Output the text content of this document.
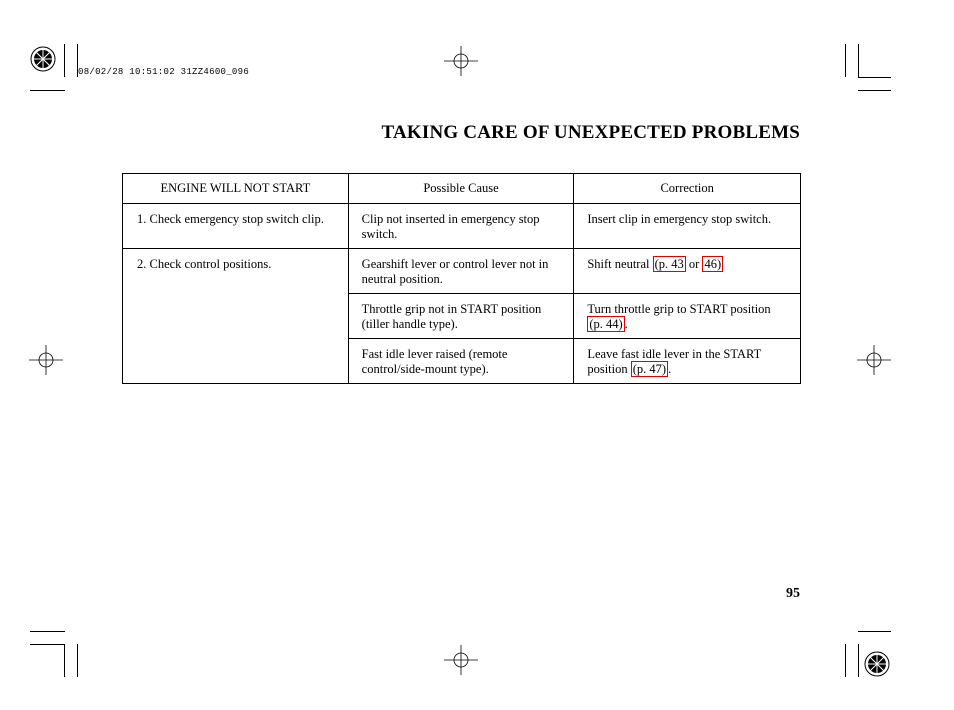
08/02/28 10:51:02 31ZZ4600_096
TAKING CARE OF UNEXPECTED PROBLEMS
ENGINE WILL NOT START	Possible Cause	Correction

1. Check emergency stop switch clip.	Clip not inserted in emergency stop switch.	Insert clip in emergency stop switch.

2. Check control positions.	Gearshift lever or control lever not in neutral position.	Shift neutral (p. 43 or 46)

	Throttle grip not in START position (tiller handle type).	Turn throttle grip to START position (p. 44) .

	Fast idle lever raised (remote control/side-mount type).	Leave fast idle lever in the START position (p. 47) .
95
